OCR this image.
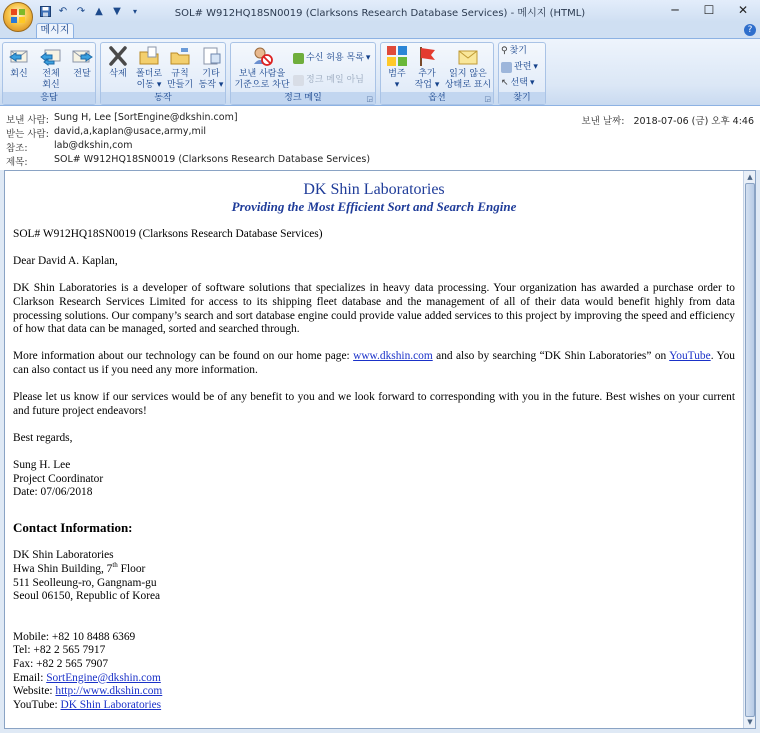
↶ ↷ ▲	▼	▾	SOL# W912HQ18SN0019 (Clarksons Research Database Services) - 메시지 (HTML)	─	☐	✕
메시지	?
회신	전체
회신
전달
응답
삭제	폴더로
이동 ▾
규칙
만들기
기타
동작 ▾
동작
보낸 사람을
기준으로 차단
수신 허용 목록 ▾
정크 메일 아님
정크 메일	◲
범주
▾
추가
작업 ▾
읽지 않은
상태로 표시
옵션	◲
⚲ 찾기
관련 ▾
↖ 선택 ▾
찾기
보낸 사람: Sung H, Lee [SortEngine@dkshin.com]
받는 사람: david,a,kaplan@usace,army,mil
참조:	lab@dkshin,com
제목:	SOL# W912HQ18SN0019 (Clarksons Research Database Services)
보낸 날짜: 2018-07-06 (금) 오후 4:46

DK Shin Laboratories

Providing the Most Efficient Sort and Search Engine

SOL# W912HQ18SN0019 (Clarksons Research Database Services)

Dear David A. Kaplan,

DK Shin Laboratories is a developer of software solutions that specializes in heavy data processing. Your organization has awarded a purchase order to Clarkson Research Services Limited for access to its shipping fleet database and the management of all of their data would benefit highly from data processing solutions. Our company’s search and sort database engine could provide value added services to this project by improving the speed and efficiency of how that data can be managed, sorted and searched through.

More information about our technology can be found on our home page: www.dkshin.com and also by searching “DK Shin Laboratories” on YouTube. You can also contact us if you need any more information.

Please let us know if our services would be of any benefit to you and we look forward to corresponding with you in the future. Best wishes on your current and future project endeavors!

Best regards,

Sung H. Lee

Project Coordinator

Date: 07/06/2018

Contact Information:

DK Shin Laboratories

Hwa Shin Building, 7th Floor

511 Seolleung-ro, Gangnam-gu

Seoul 06150, Republic of Korea

Mobile: +82 10 8488 6369

Tel: +82 2 565 7917

Fax: +82 2 565 7907

Email: SortEngine@dkshin.com

Website: http://www.dkshin.com

YouTube: DK Shin Laboratories

▲
▼
